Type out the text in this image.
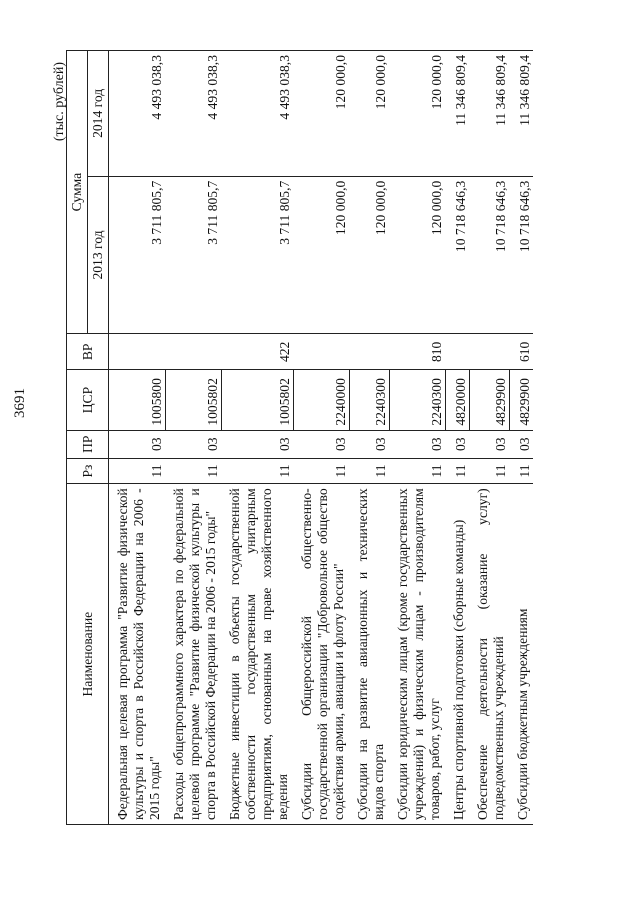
3691
(тыс. рублей)
Наименование	Рз	ПР	ЦСР	ВР	Сумма	
					2013 год	2014 год
Федеральная целевая программа "Развитие физической культуры и спорта в Российской Федерации на 2006 - 2015 годы"	11	03	1005800		3 711 805,7	4 493 038,3
Расходы общепрограммного характера по федеральной целевой программе "Развитие физической культуры и спорта в Российской Федерации на 2006 - 2015 годы"	11	03	1005802		3 711 805,7	4 493 038,3
Бюджетные инвестиции в объекты государственной собственности государственным унитарным предприятиям, основанным на праве хозяйственного ведения	11	03	1005802	422	3 711 805,7	4 493 038,3
Субсидии Общероссийской общественно-государственной организации "Добровольное общество содействия армии, авиации и флоту России"	11	03	2240000		120 000,0	120 000,0
Субсидии на развитие авиационных и технических видов спорта	11	03	2240300		120 000,0	120 000,0
Субсидии юридическим лицам (кроме государственных учреждений) и физическим лицам - производителям товаров, работ, услуг	11	03	2240300	810	120 000,0	120 000,0
Центры спортивной подготовки (сборные команды)	11	03	4820000		10 718 646,3	11 346 809,4
Обеспечение деятельности (оказание услуг) подведомственных учреждений	11	03	4829900		10 718 646,3	11 346 809,4
Субсидии бюджетным учреждениям	11	03	4829900	610	10 718 646,3	11 346 809,4
